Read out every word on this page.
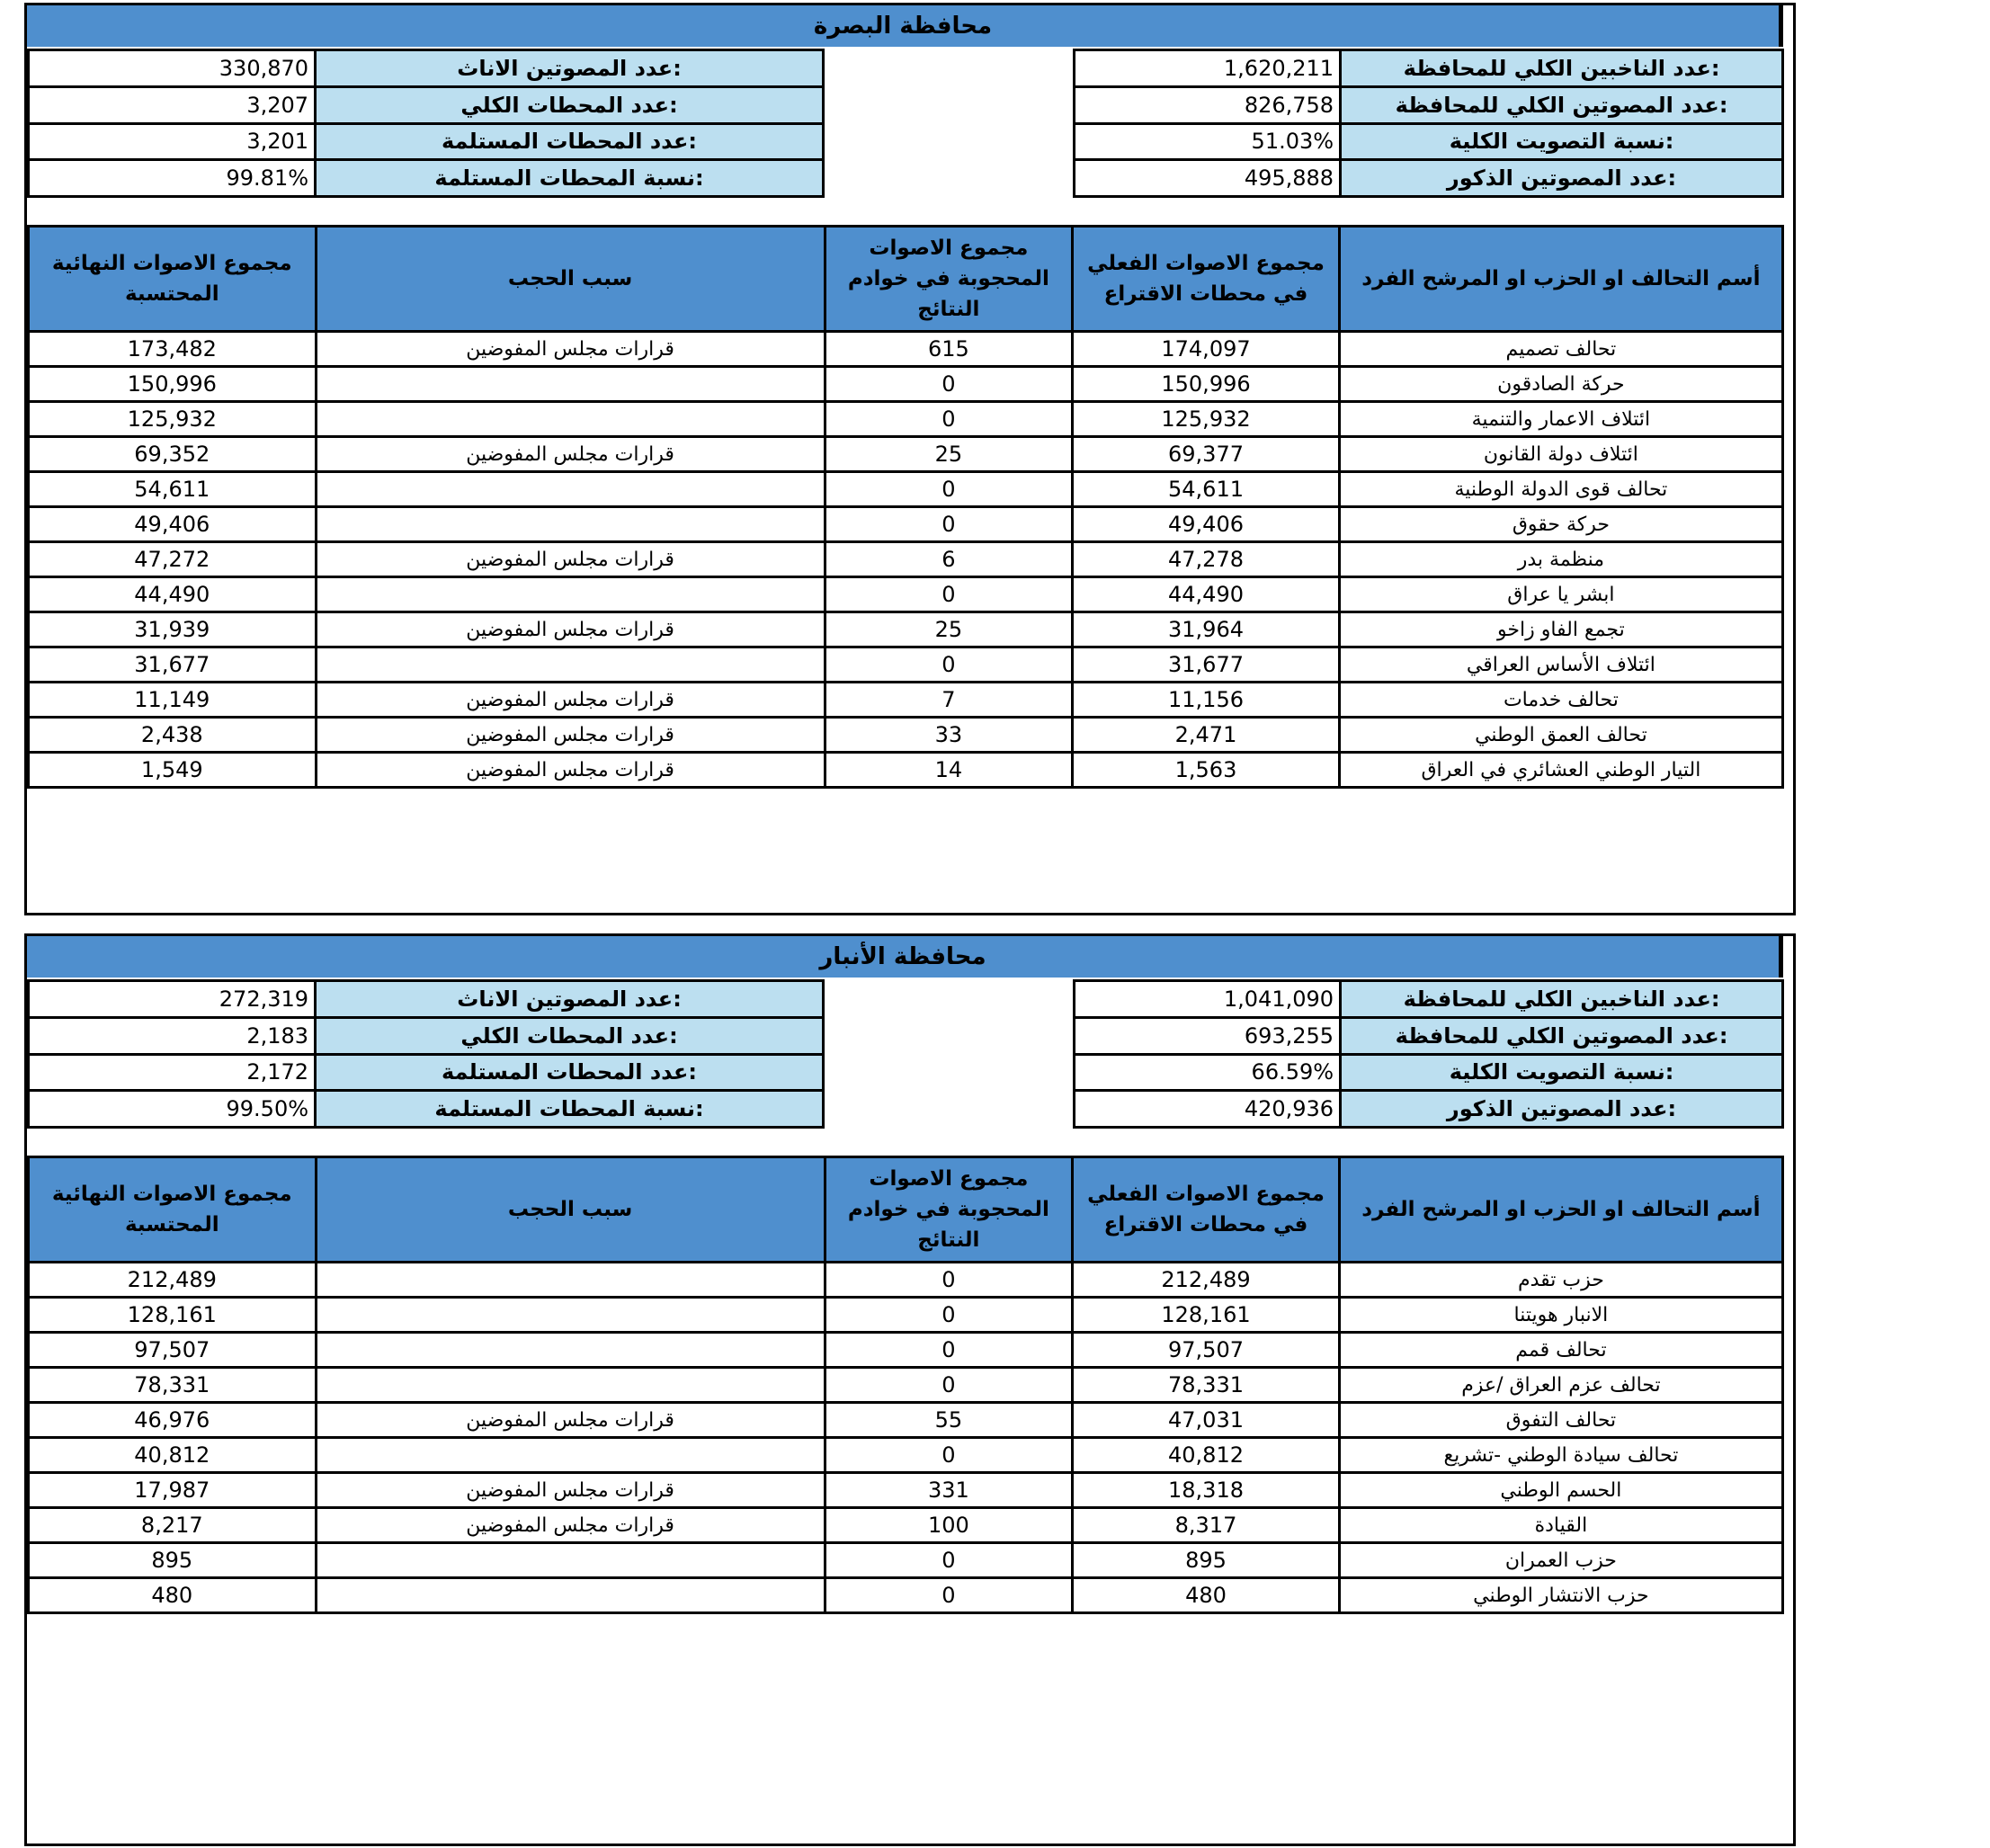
محافظة البصرة
330,870	عدد المصوتين الاناث:
3,207	عدد المحطات الكلي:
3,201	عدد المحطات المستلمة:
99.81%	نسبة المحطات المستلمة:
1,620,211	عدد الناخبين الكلي للمحافظة:
826,758	عدد المصوتين الكلي للمحافظة:
51.03%	نسبة التصويت الكلية:
495,888	عدد المصوتين الذكور:
مجموع الاصوات النهائية المحتسبة	سبب الحجب	مجموع الاصوات المحجوبة في خوادم النتائج	مجموع الاصوات الفعلي في محطات الاقتراع	أسم التحالف او الحزب او المرشح الفرد
173,482	قرارات مجلس المفوضين	615	174,097	تحالف تصميم
150,996		0	150,996	حركة الصادقون
125,932		0	125,932	ائتلاف الاعمار والتنمية
69,352	قرارات مجلس المفوضين	25	69,377	ائتلاف دولة القانون
54,611		0	54,611	تحالف قوى الدولة الوطنية
49,406		0	49,406	حركة حقوق
47,272	قرارات مجلس المفوضين	6	47,278	منظمة بدر
44,490		0	44,490	ابشر يا عراق
31,939	قرارات مجلس المفوضين	25	31,964	تجمع الفاو زاخو
31,677		0	31,677	ائتلاف الأساس العراقي
11,149	قرارات مجلس المفوضين	7	11,156	تحالف خدمات
2,438	قرارات مجلس المفوضين	33	2,471	تحالف العمق الوطني
1,549	قرارات مجلس المفوضين	14	1,563	التيار الوطني العشائري في العراق
محافظة الأنبار
272,319	عدد المصوتين الاناث:
2,183	عدد المحطات الكلي:
2,172	عدد المحطات المستلمة:
99.50%	نسبة المحطات المستلمة:
1,041,090	عدد الناخبين الكلي للمحافظة:
693,255	عدد المصوتين الكلي للمحافظة:
66.59%	نسبة التصويت الكلية:
420,936	عدد المصوتين الذكور:
مجموع الاصوات النهائية المحتسبة	سبب الحجب	مجموع الاصوات المحجوبة في خوادم النتائج	مجموع الاصوات الفعلي في محطات الاقتراع	أسم التحالف او الحزب او المرشح الفرد
212,489		0	212,489	حزب تقدم
128,161		0	128,161	الانبار هويتنا
97,507		0	97,507	تحالف قمم
78,331		0	78,331	تحالف عزم العراق /عزم
46,976	قرارات مجلس المفوضين	55	47,031	تحالف التفوق
40,812		0	40,812	تحالف سيادة الوطني -تشريع
17,987	قرارات مجلس المفوضين	331	18,318	الحسم الوطني
8,217	قرارات مجلس المفوضين	100	8,317	القيادة
895		0	895	حزب العمران
480		0	480	حزب الانتشار الوطني
